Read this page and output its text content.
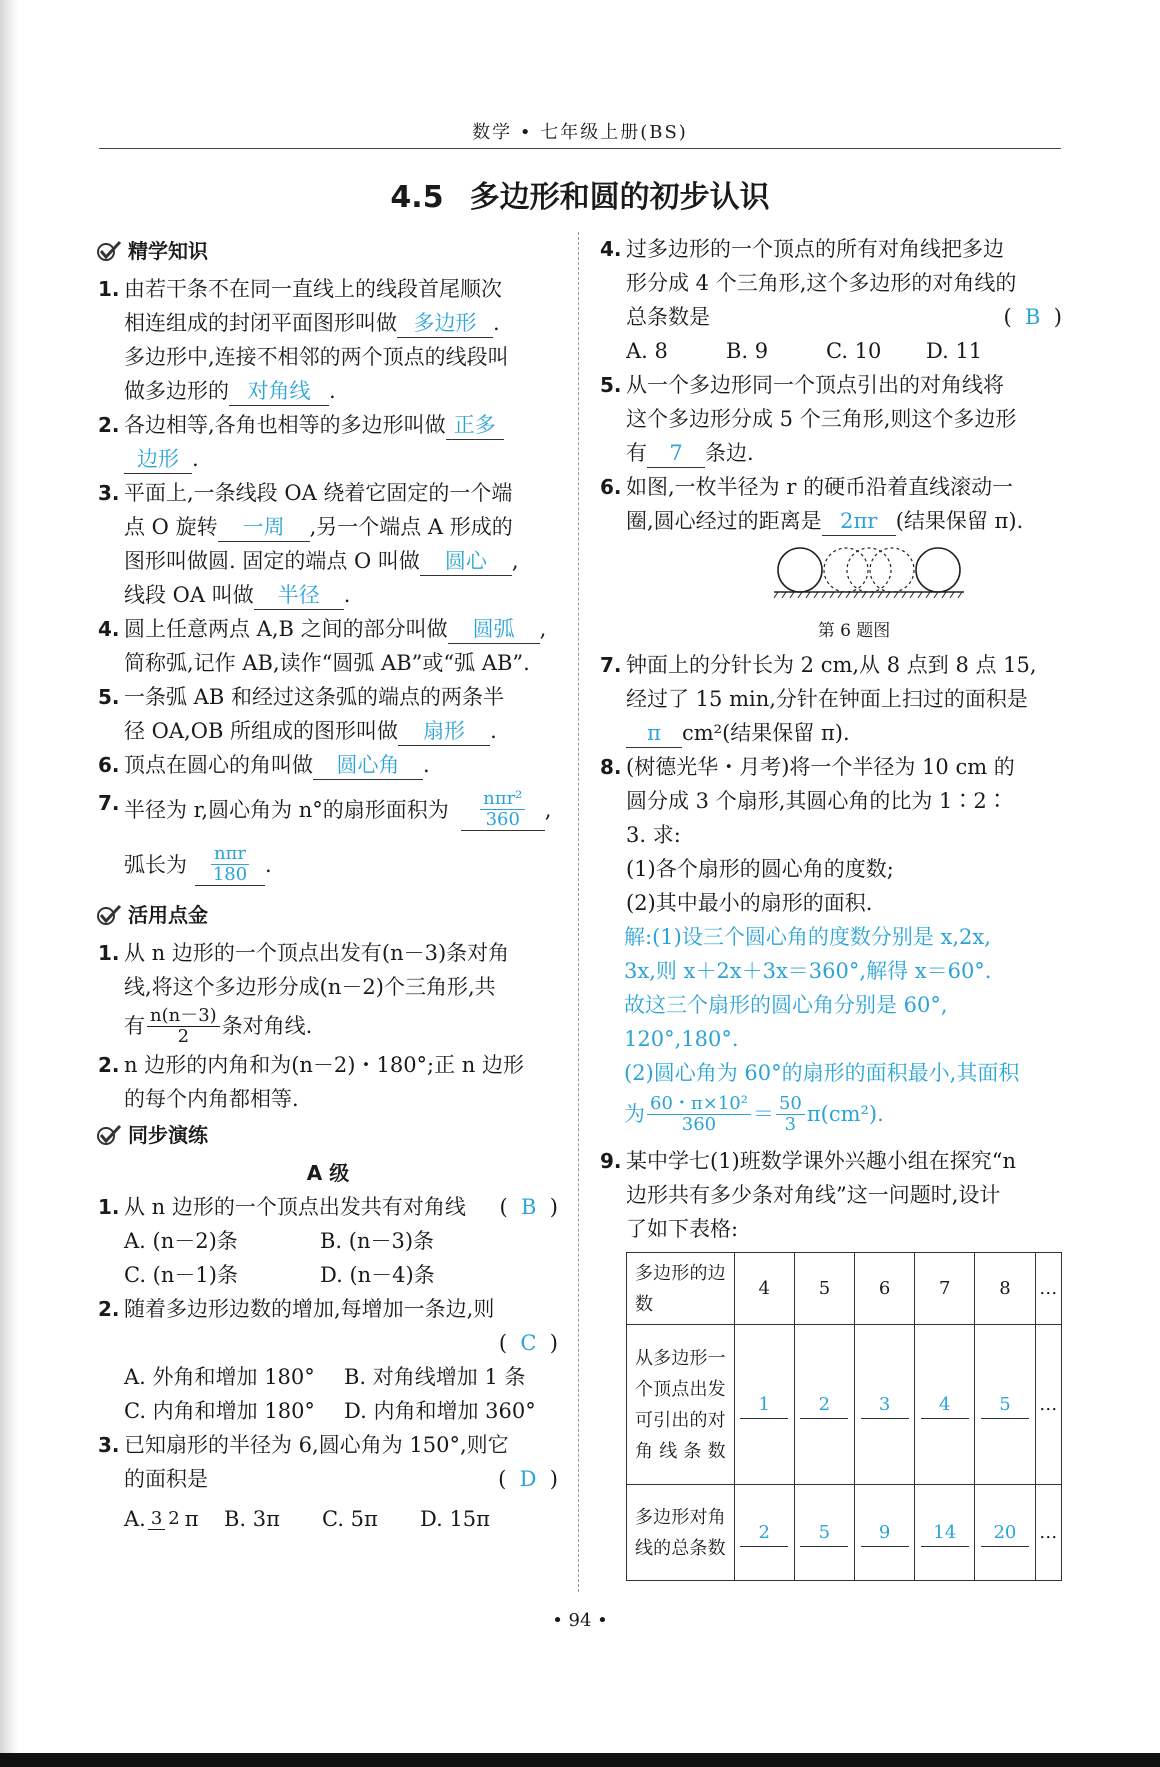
数学 • 七年级上册(BS)
4.5 多边形和圆的初步认识
精学知识
1. 由若干条不在同一直线上的线段首尾顺次
相连组成的封闭平面图形叫做 多边形 .
多边形中,连接不相邻的两个顶点的线段叫
做多边形的 对角线 .
2. 各边相等,各角也相等的多边形叫做 正多
边形 .
3. 平面上,一条线段 OA 绕着它固定的一个端
点 O 旋转 一周 ,另一个端点 A 形成的
图形叫做圆. 固定的端点 O 叫做 圆心 ,
线段 OA 叫做 半径 .
4. 圆上任意两点 A,B 之间的部分叫做 圆弧 ,
简称弧,记作 AB,读作“圆弧 AB”或“弧 AB”.
5. 一条弧 AB 和经过这条弧的端点的两条半
径 OA,OB 所组成的图形叫做 扇形 .
6. 顶点在圆心的角叫做 圆心角 .
7. 半径为 r,圆心角为 n°的扇形面积为 $\frac{\text{nπr²}}{360}$ ,
弧长为 $\frac{\text{nπr}}{180}$ .
活用点金
1. 从 n 边形的一个顶点出发有(n－3)条对角
线,将这个多边形分成(n－2)个三角形,共
有 $\frac{n(n-3)}{2}$ 条对角线.
2. n 边形的内角和为(n－2)・180°;正 n 边形
的每个内角都相等.
同步演练
A 级
1. 从 n 边形的一个顶点出发共有对角线 (  B  )
A. (n－2)条	B. (n－3)条
C. (n－1)条	D. (n－4)条
2. 随着多边形边数的增加,每增加一条边,则
(  C  )
A. 外角和增加 180°	B. 对角线增加 1 条
C. 内角和增加 180°	D. 内角和增加 360°
3. 已知扇形的半径为 6,圆心角为 150°,则它
的面积是	(  D  )
A. 3 2 π B. 3π	C. 5π	D. 15π
4. 过多边形的一个顶点的所有对角线把多边
形分成 4 个三角形,这个多边形的对角线的
总条数是	(  B  )
A. 8	B. 9	C. 10	D. 11
5. 从一个多边形同一个顶点引出的对角线将
这个多边形分成 5 个三角形,则这个多边形
有 7 条边.
6. 如图,一枚半径为 r 的硬币沿着直线滚动一
圈,圆心经过的距离是 2πr (结果保留 π).
第 6 题图
7. 钟面上的分针长为 2 cm,从 8 点到 8 点 15,
经过了 15 min,分针在钟面上扫过的面积是
π cm²(结果保留 π).
8. (树德光华・月考)将一个半径为 10 cm 的
圆分成 3 个扇形,其圆心角的比为 1∶2∶
3. 求:
(1)各个扇形的圆心角的度数;
(2)其中最小的扇形的面积.
解:(1)设三个圆心角的度数分别是 x,2x,
3x,则 x＋2x＋3x＝360°,解得 x＝60°.
故这三个扇形的圆心角分别是 60°,
120°,180°.
(2)圆心角为 60°的扇形的面积最小,其面积
为 $\frac{\text{60・π×10²}}{360} = \frac{50}{3} \pi(cm^2)$.
9. 某中学七(1)班数学课外兴趣小组在探究“n
边形共有多少条对角线”这一问题时,设计
了如下表格:
多边形的边数	4	5	6	7	8	…
从多边形一个顶点出发可引出的对角线条数	1	2	3	4	5	…
多边形对角线的总条数	2	5	9	14	20	…
• 94 •
